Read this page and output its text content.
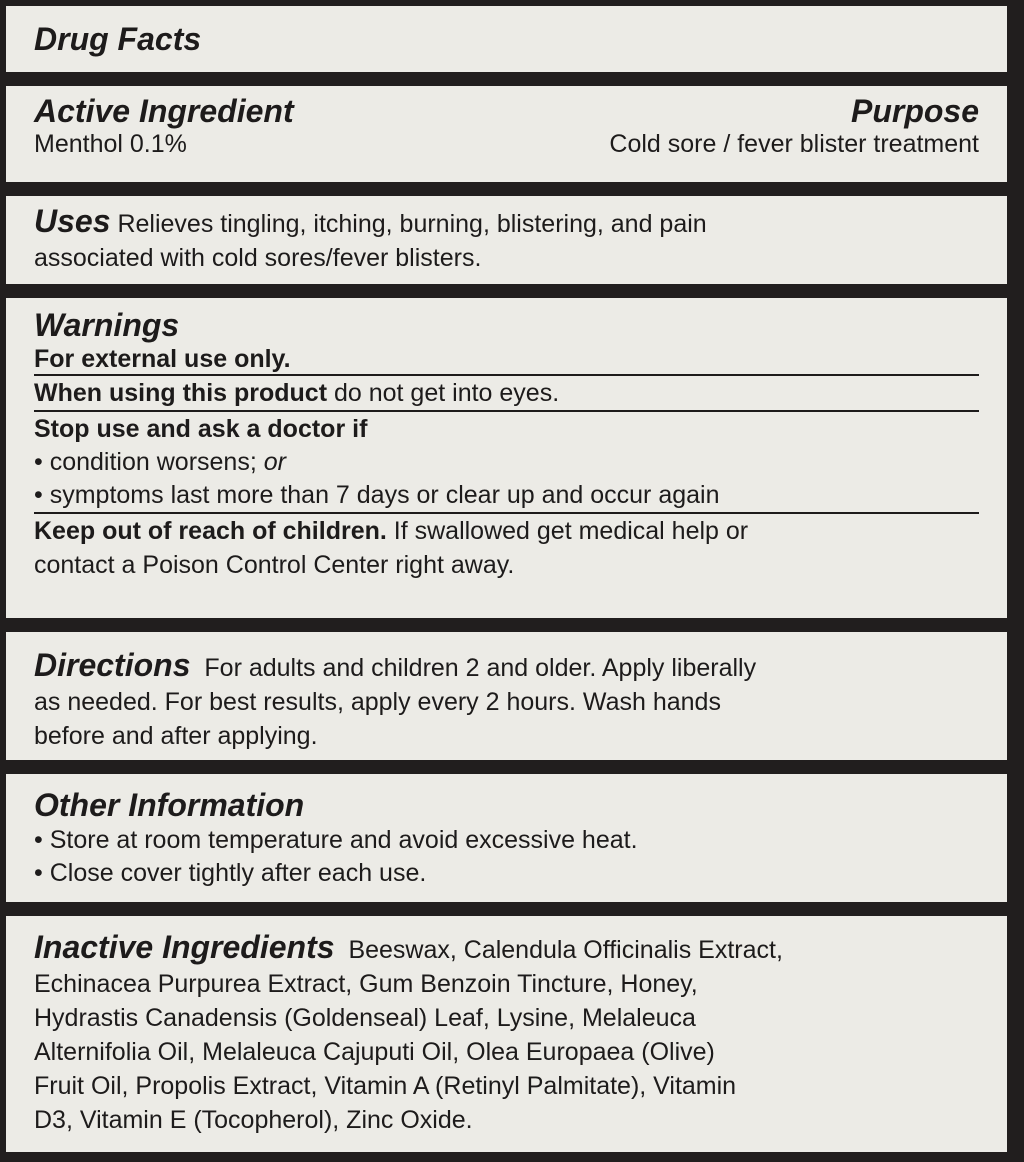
Drug Facts
Active Ingredient	Purpose
Menthol 0.1%	Cold sore / fever blister treatment
Uses Relieves tingling, itching, burning, blistering, and pain
associated with cold sores/fever blisters.
Warnings
For external use only.
When using this product do not get into eyes.
Stop use and ask a doctor if
• condition worsens; or
• symptoms last more than 7 days or clear up and occur again
Keep out of reach of children. If swallowed get medical help or
contact a Poison Control Center right away.
Directions For adults and children 2 and older. Apply liberally
as needed. For best results, apply every 2 hours. Wash hands
before and after applying.
Other Information
• Store at room temperature and avoid excessive heat.
• Close cover tightly after each use.
Inactive Ingredients Beeswax, Calendula Officinalis Extract,
Echinacea Purpurea Extract, Gum Benzoin Tincture, Honey,
Hydrastis Canadensis (Goldenseal) Leaf, Lysine, Melaleuca
Alternifolia Oil, Melaleuca Cajuputi Oil, Olea Europaea (Olive)
Fruit Oil, Propolis Extract, Vitamin A (Retinyl Palmitate), Vitamin
D3, Vitamin E (Tocopherol), Zinc Oxide.
